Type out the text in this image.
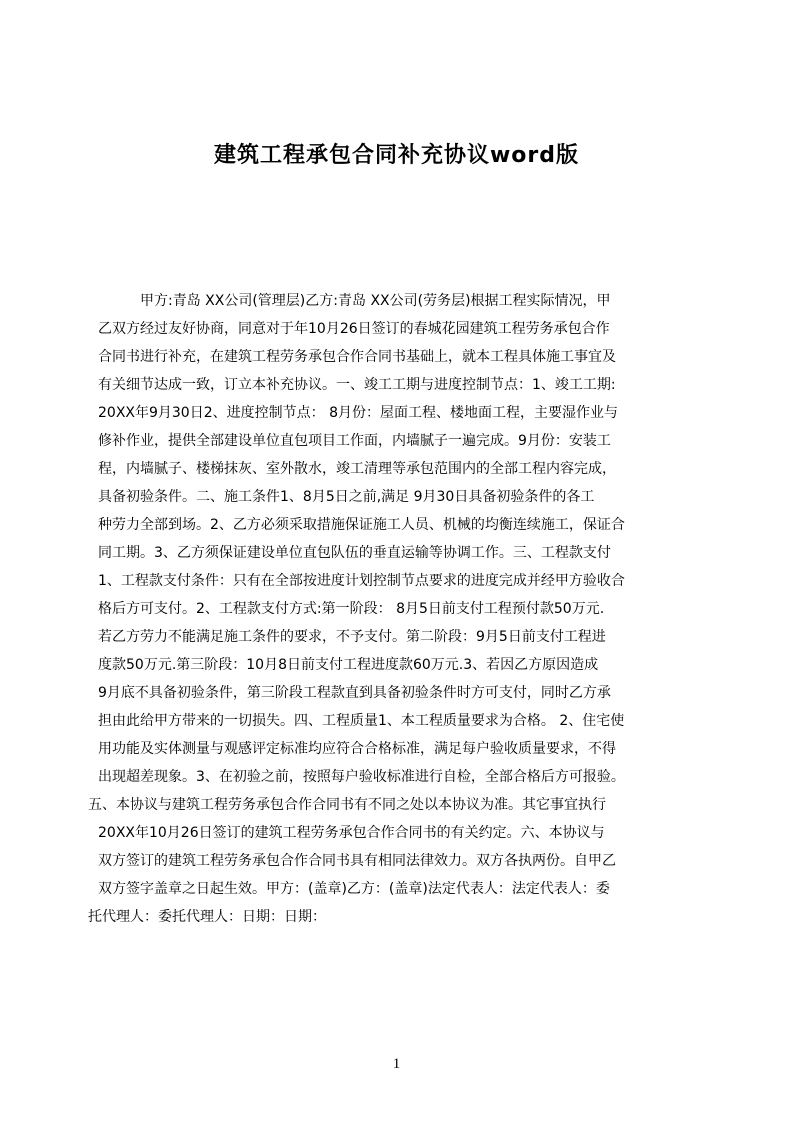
建筑工程承包合同补充协议word版
甲方:青岛 XX公司(管理层)乙方:青岛 XX公司(劳务层)根据工程实际情况，甲
乙双方经过友好协商，同意对于年10月26日签订的春城花园建筑工程劳务承包合作
合同书进行补充，在建筑工程劳务承包合作合同书基础上，就本工程具体施工事宜及
有关细节达成一致，订立本补充协议。一、竣工工期与进度控制节点：1、竣工工期:
20XX年9月30日2、进度控制节点： 8月份：屋面工程、楼地面工程，主要湿作业与
修补作业，提供全部建设单位直包项目工作面，内墙腻子一遍完成。9月份：安装工
程，内墙腻子、楼梯抹灰、室外散水，竣工清理等承包范围内的全部工程内容完成，
具备初验条件。二、施工条件1、8月5日之前,满足 9月30日具备初验条件的各工
种劳力全部到场。2、乙方必须采取措施保证施工人员、机械的均衡连续施工，保证合
同工期。3、乙方须保证建设单位直包队伍的垂直运输等协调工作。三、工程款支付
1、工程款支付条件：只有在全部按进度计划控制节点要求的进度完成并经甲方验收合
格后方可支付。2、工程款支付方式:第一阶段： 8月5日前支付工程预付款50万元.
若乙方劳力不能满足施工条件的要求，不予支付。第二阶段：9月5日前支付工程进
度款50万元.第三阶段：10月8日前支付工程进度款60万元.3、若因乙方原因造成
9月底不具备初验条件，第三阶段工程款直到具备初验条件时方可支付，同时乙方承
担由此给甲方带来的一切损失。四、工程质量1、本工程质量要求为合格。 2、住宅使
用功能及实体测量与观感评定标准均应符合合格标准，满足每户验收质量要求，不得
出现超差现象。3、在初验之前，按照每户验收标准进行自检，全部合格后方可报验。
五、本协议与建筑工程劳务承包合作合同书有不同之处以本协议为准。其它事宜执行
20XX年10月26日签订的建筑工程劳务承包合作合同书的有关约定。六、本协议与
双方签订的建筑工程劳务承包合作合同书具有相同法律效力。双方各执两份。自甲乙
双方签字盖章之日起生效。甲方：(盖章)乙方：(盖章)法定代表人：法定代表人：委
托代理人：委托代理人：日期：日期：
1
